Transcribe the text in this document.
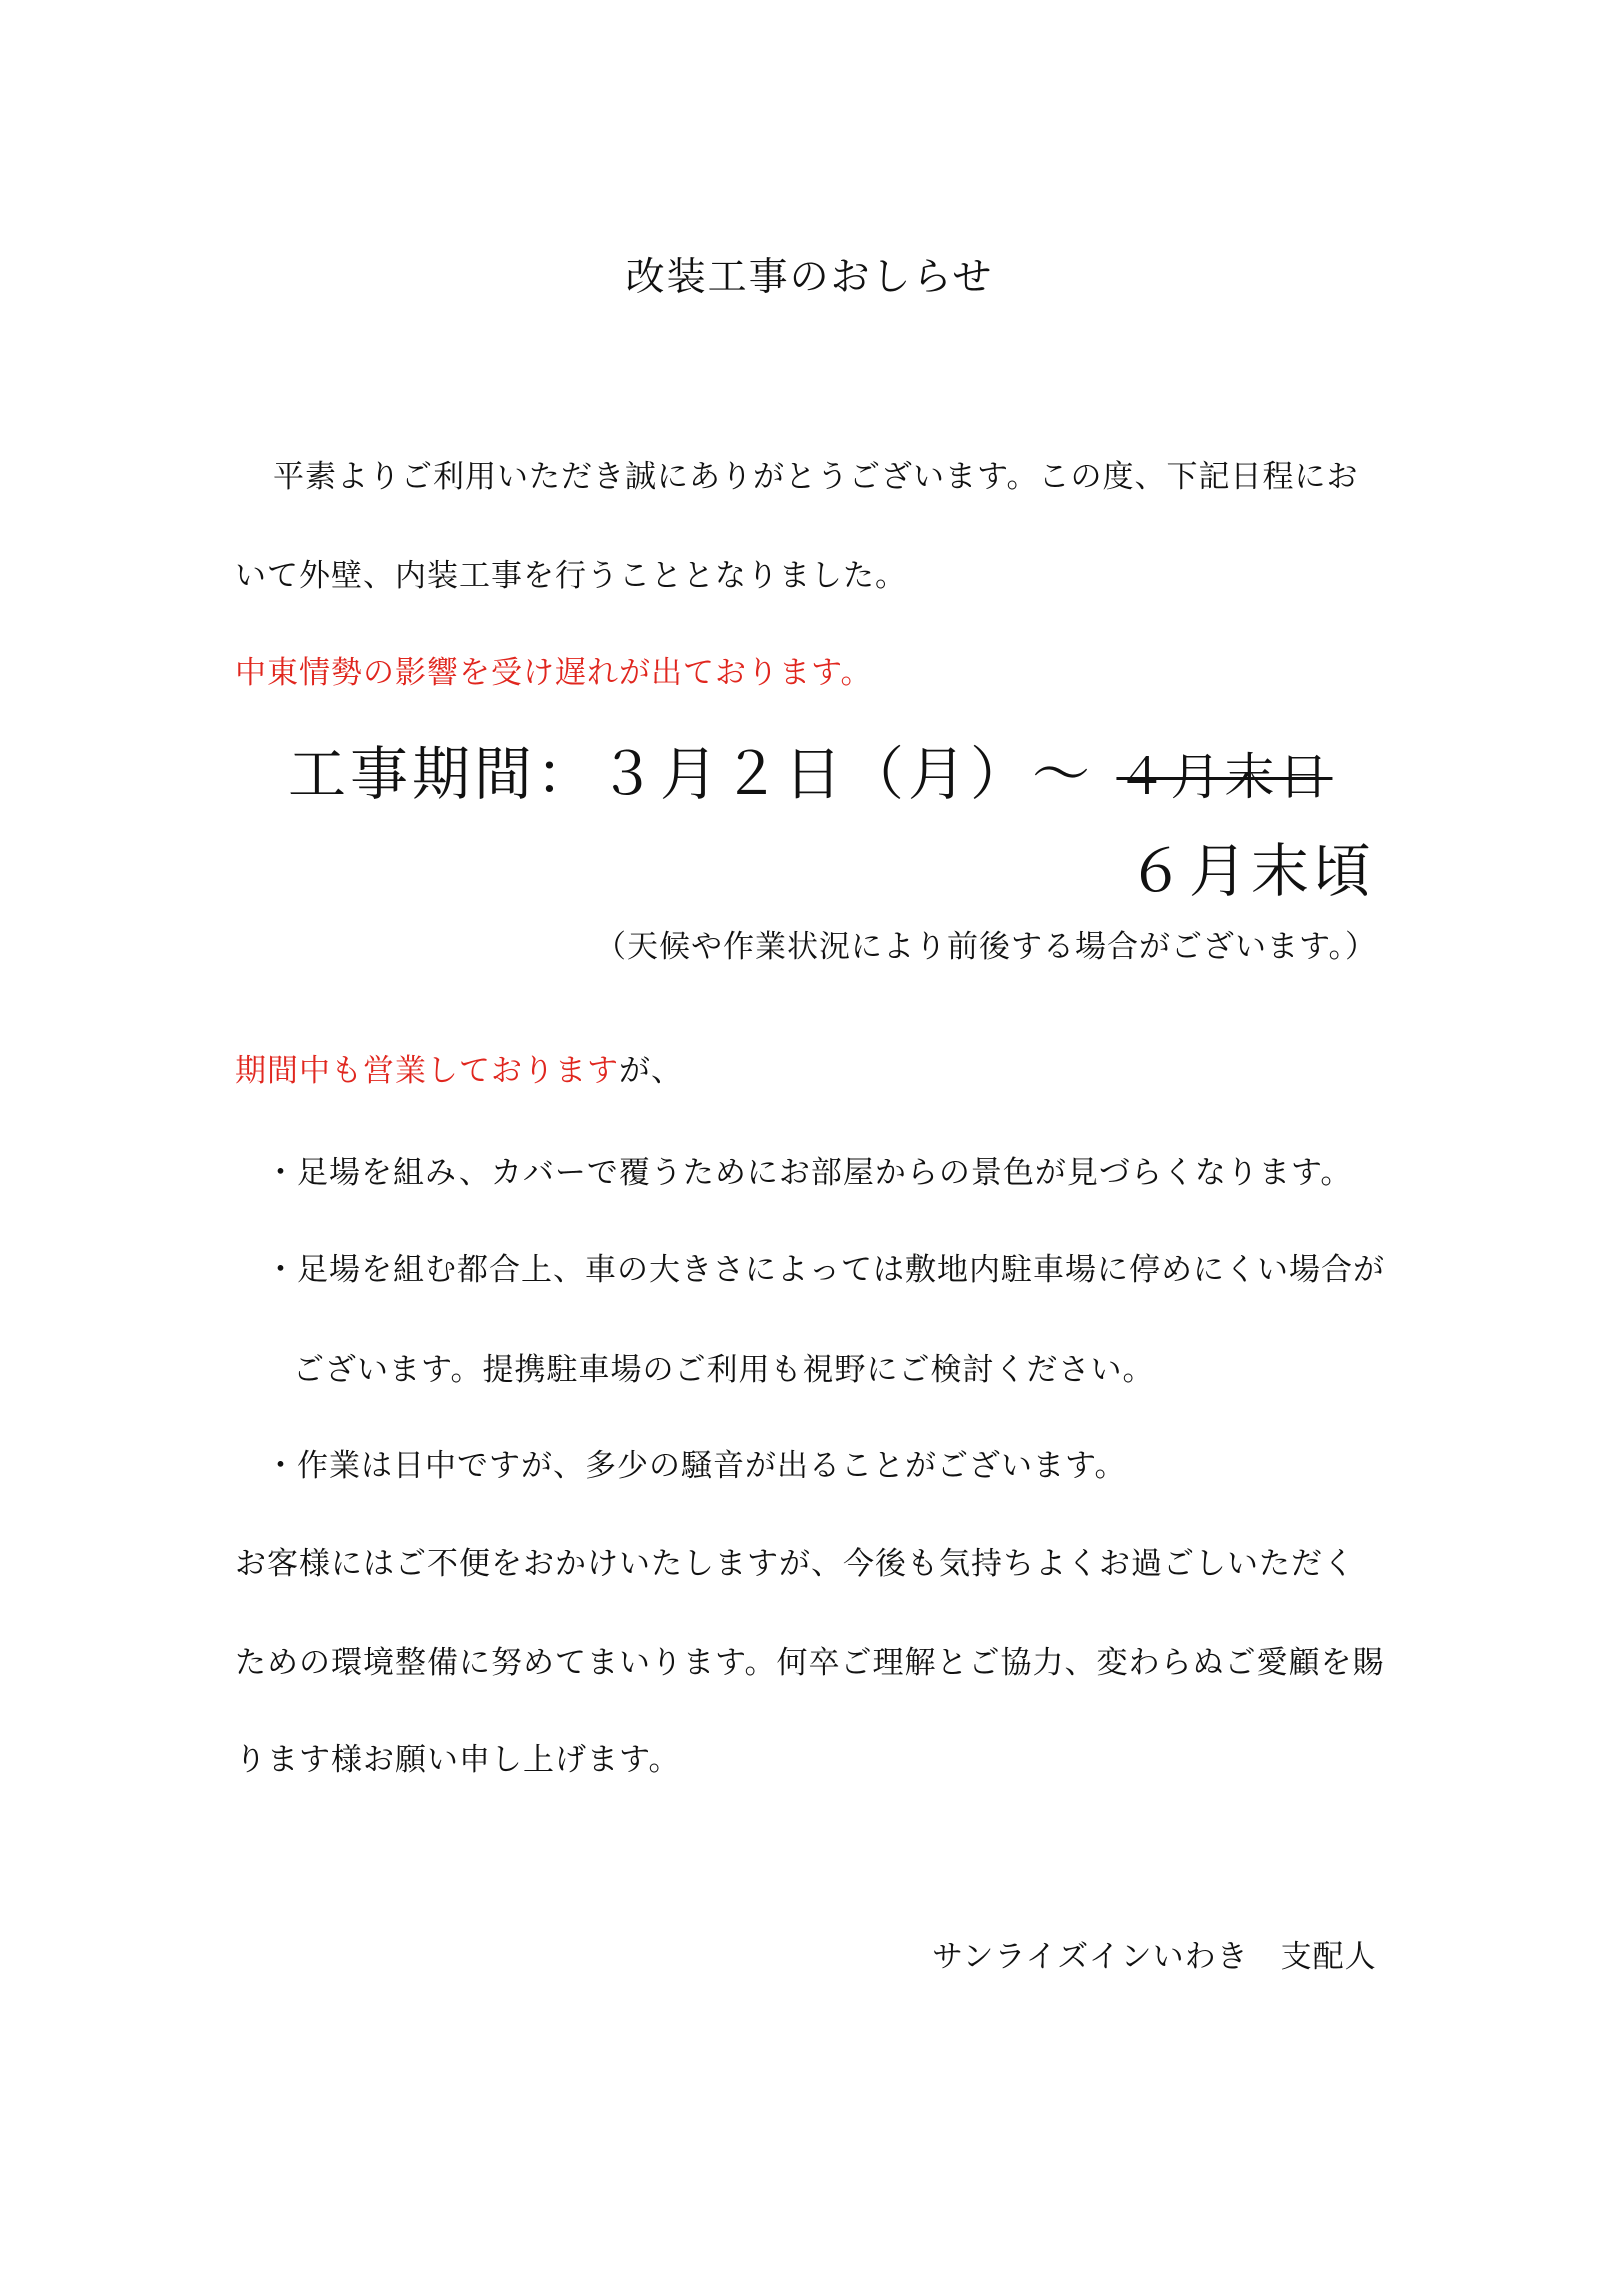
改装工事のおしらせ
平素よりご利用いただき誠にありがとうございます。この度、下記日程にお
いて外壁、内装工事を行うこととなりました。
中東情勢の影響を受け遅れが出ております。
工事期間：３月２日（月）～ ４月末日
６月末頃
（天候や作業状況により前後する場合がございます。）
期間中も営業しておりますが、
・足場を組み、カバーで覆うためにお部屋からの景色が見づらくなります。
・足場を組む都合上、車の大きさによっては敷地内駐車場に停めにくい場合が
ございます。提携駐車場のご利用も視野にご検討ください。
・作業は日中ですが、多少の騒音が出ることがございます。
お客様にはご不便をおかけいたしますが、今後も気持ちよくお過ごしいただく
ための環境整備に努めてまいります。何卒ご理解とご協力、変わらぬご愛顧を賜
ります様お願い申し上げます。
サンライズインいわき　支配人
